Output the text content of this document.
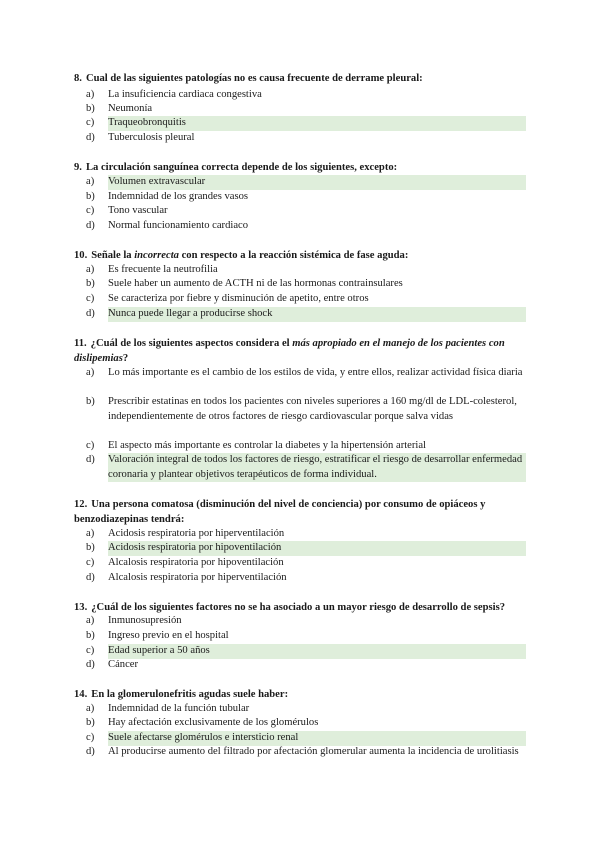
8. Cual de las siguientes patologías no es causa frecuente de derrame pleural:
a)	La insuficiencia cardiaca congestiva
b)	Neumonía
c)	Traqueobronquitis
d)	Tuberculosis pleural
9. La circulación sanguínea correcta depende de los siguientes, excepto:
a)	Volumen extravascular
b)	Indemnidad de los grandes vasos
c)	Tono vascular
d)	Normal funcionamiento cardiaco
10. Señale la incorrecta con respecto a la reacción sistémica de fase aguda:
a)	Es frecuente la neutrofilia
b)	Suele haber un aumento de ACTH ni de las hormonas contrainsulares
c)	Se caracteriza por fiebre y disminución de apetito, entre otros
d)	Nunca puede llegar a producirse shock
11. ¿Cuál de los siguientes aspectos considera el más apropiado en el manejo de los pacientes con dislipemias?
a)	Lo más importante es el cambio de los estilos de vida, y entre ellos, realizar actividad física diaria
b)	Prescribir estatinas en todos los pacientes con niveles superiores a 160 mg/dl de LDL-colesterol, independientemente de otros factores de riesgo cardiovascular porque salva vidas
c)	El aspecto más importante es controlar la diabetes y la hipertensión arterial
d)	Valoración integral de todos los factores de riesgo, estratificar el riesgo de desarrollar enfermedad coronaria y plantear objetivos terapéuticos de forma individual.
12. Una persona comatosa (disminución del nivel de conciencia) por consumo de opiáceos y benzodiazepinas tendrá:
a)	Acidosis respiratoria por hiperventilación
b)	Acidosis respiratoria por hipoventilación
c)	Alcalosis respiratoria por hipoventilación
d)	Alcalosis respiratoria por hiperventilación
13. ¿Cuál de los siguientes factores no se ha asociado a un mayor riesgo de desarrollo de sepsis?
a)	Inmunosupresión
b)	Ingreso previo en el hospital
c)	Edad superior a 50 años
d)	Cáncer
14. En la glomerulonefritis agudas suele haber:
a)	Indemnidad de la función tubular
b)	Hay afectación exclusivamente de los glomérulos
c)	Suele afectarse glomérulos e intersticio renal
d)	Al producirse aumento del filtrado por afectación glomerular aumenta la incidencia de urolitiasis
